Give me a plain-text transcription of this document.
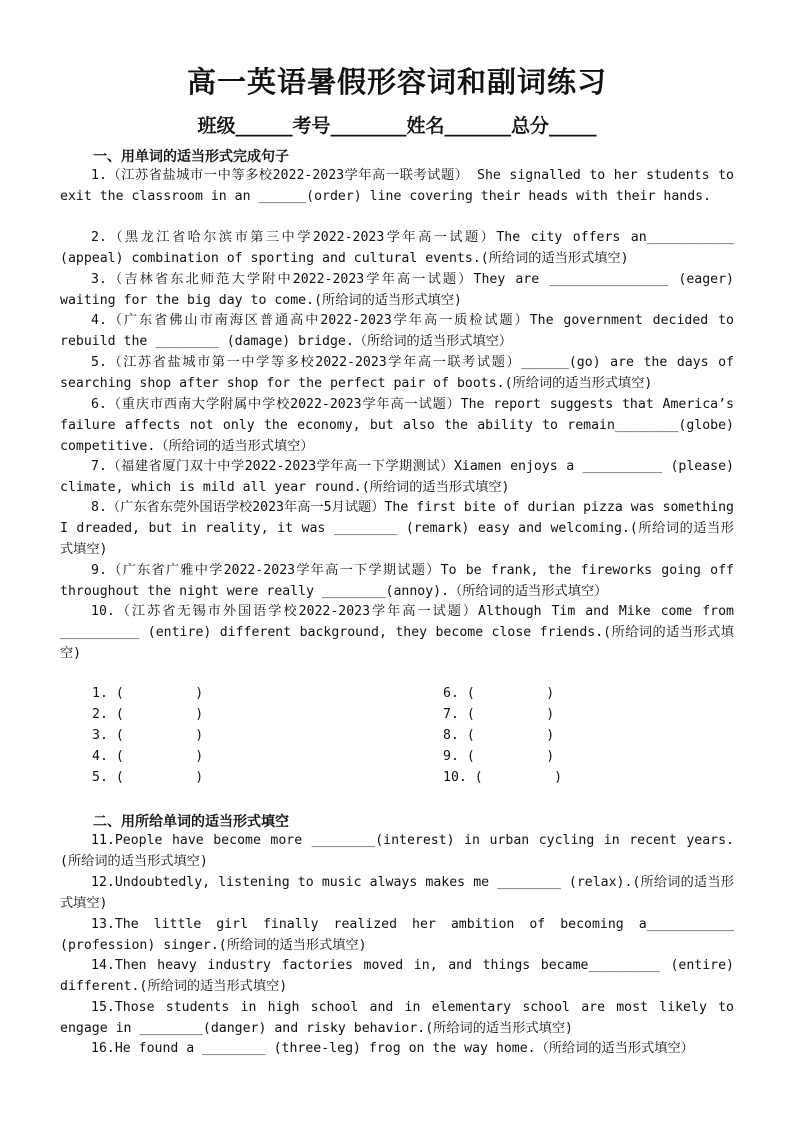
高一英语暑假形容词和副词练习
班级______考号________姓名_______总分_____
一、用单词的适当形式完成句子
1.（江苏省盐城市一中等多校2022-2023学年高一联考试题） She signalled to her students to exit the classroom in an ______(order) line covering their heads with their hands.
2.（黑龙江省哈尔滨市第三中学2022-2023学年高一试题）The city offers an___________ (appeal) combination of sporting and cultural events.(所给词的适当形式填空)
3.（吉林省东北师范大学附中2022-2023学年高一试题）They are _______________ (eager) waiting for the big day to come.(所给词的适当形式填空)
4.（广东省佛山市南海区普通高中2022-2023学年高一质检试题）The government decided to rebuild the ________ (damage) bridge.（所给词的适当形式填空）
5.（江苏省盐城市第一中学等多校2022-2023学年高一联考试题）______(go) are the days of searching shop after shop for the perfect pair of boots.(所给词的适当形式填空)
6.（重庆市西南大学附属中学校2022-2023学年高一试题）The report suggests that America’s failure affects not only the economy, but also the ability to remain________(globe) competitive.（所给词的适当形式填空）
7.（福建省厦门双十中学2022-2023学年高一下学期测试）Xiamen enjoys a __________ (please) climate, which is mild all year round.(所给词的适当形式填空)
8.（广东省东莞外国语学校2023年高一5月试题）The first bite of durian pizza was something I dreaded, but in reality, it was ________ (remark) easy and welcoming.(所给词的适当形式填空)
9.（广东省广雅中学2022-2023学年高一下学期试题）To be frank, the fireworks going off throughout the night were really ________(annoy).（所给词的适当形式填空）
10.（江苏省无锡市外国语学校2022-2023学年高一试题）Although Tim and Mike come from __________ (entire) different background, they become close friends.(所给词的适当形式填空)
1. (         )
2. (         )
3. (         )
4. (         )
5. (         )
6. (         )
7. (         )
8. (         )
9. (         )
10. (         )
二、用所给单词的适当形式填空
11.People have become more ________(interest) in urban cycling in recent years.(所给词的适当形式填空)
12.Undoubtedly, listening to music always makes me ________ (relax).(所给词的适当形式填空)
13.The little girl finally realized her ambition of becoming a___________ (profession) singer.(所给词的适当形式填空)
14.Then heavy industry factories moved in, and things became_________ (entire) different.(所给词的适当形式填空)
15.Those students in high school and in elementary school are most likely to engage in ________(danger) and risky behavior.(所给词的适当形式填空)
16.He found a ________ (three-leg) frog on the way home.（所给词的适当形式填空）
